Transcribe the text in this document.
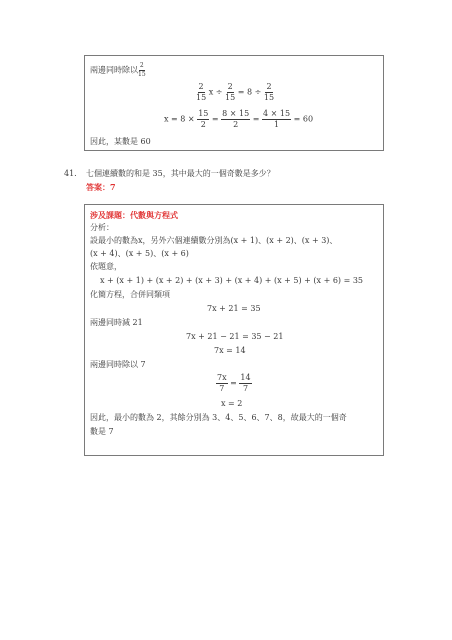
兩邊同時除以 $\frac{2}{15}$
$\frac{2}{15}$ $x \div \frac{2}{15} = 8 \div \frac{2}{15}$
$x = 8 \times \frac{15}{2} = \frac{8 \times 15}{2} = \frac{4 \times 15}{1} = 60$
因此，某數是 60
41. 七個連續數的和是 35，其中最大的一個奇數是多少？
答案：7
涉及課題：代數與方程式
分析：
設最小的數為x，另外六個連續數分別為(x + 1)、(x + 2)、(x + 3)、
(x + 4)、(x + 5)、(x + 6)
依題意，
x + (x + 1) + (x + 2) + (x + 3) + (x + 4) + (x + 5) + (x + 6) = 35
化簡方程，合併同類項
7x + 21 = 35
兩邊同時減 21
7x + 21 − 21 = 35 − 21
7x = 14
兩邊同時除以 7
$\frac{7x}{7} = \frac{14}{7}$
x = 2
因此，最小的數為 2，其餘分別為 3、4、5、6、7、8，故最大的一個奇
數是 7
